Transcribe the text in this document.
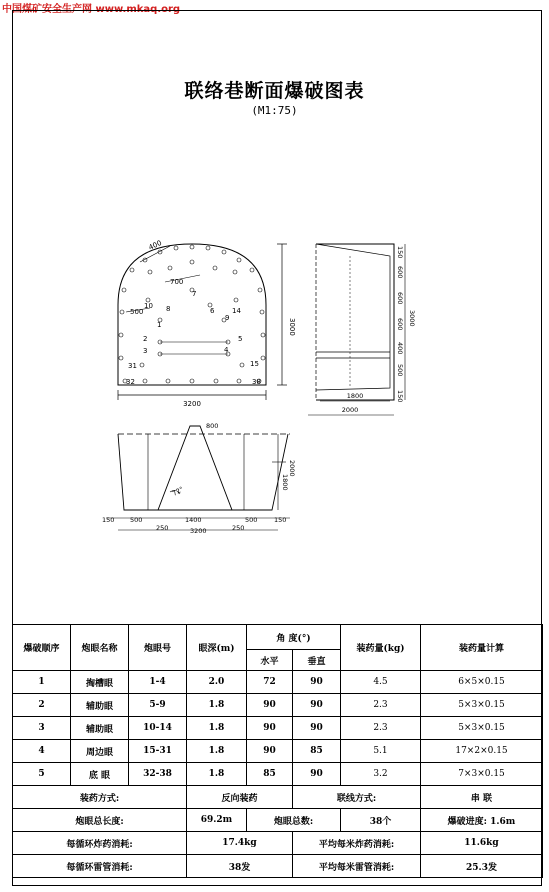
中国煤矿安全生产网 www.mkaq.org
联络巷断面爆破图表
(M1:75)
3200
3000
400
700
500
1
2
3	4
5
6
7
8
9
10
14
15
31
32	38
150
600
600
600
400
500
150
3000
1800
2000
800
72°
1800
2000
150 500	1400	500	150
3200
250	250
爆破顺序	炮眼名称	炮眼号	眼深(m)	角 度(°)		装药量(kg)	装药量计算
				水平	垂直		
1	掏槽眼	1-4	2.0	72	90	4.5	6×5×0.15
2	辅助眼	5-9	1.8	90	90	2.3	5×3×0.15
3	辅助眼	10-14	1.8	90	90	2.3	5×3×0.15
4	周边眼	15-31	1.8	90	85	5.1	17×2×0.15
5	底 眼	32-38	1.8	85	90	3.2	7×3×0.15
装药方式:			反向装药		联线方式:		串 联
炮眼总长度:			69.2m	炮眼总数:		38个	爆破进度: 1.6m
每循环炸药消耗:			17.4kg		平均每米炸药消耗:		11.6kg
每循环雷管消耗:			38发		平均每米雷管消耗:		25.3发
